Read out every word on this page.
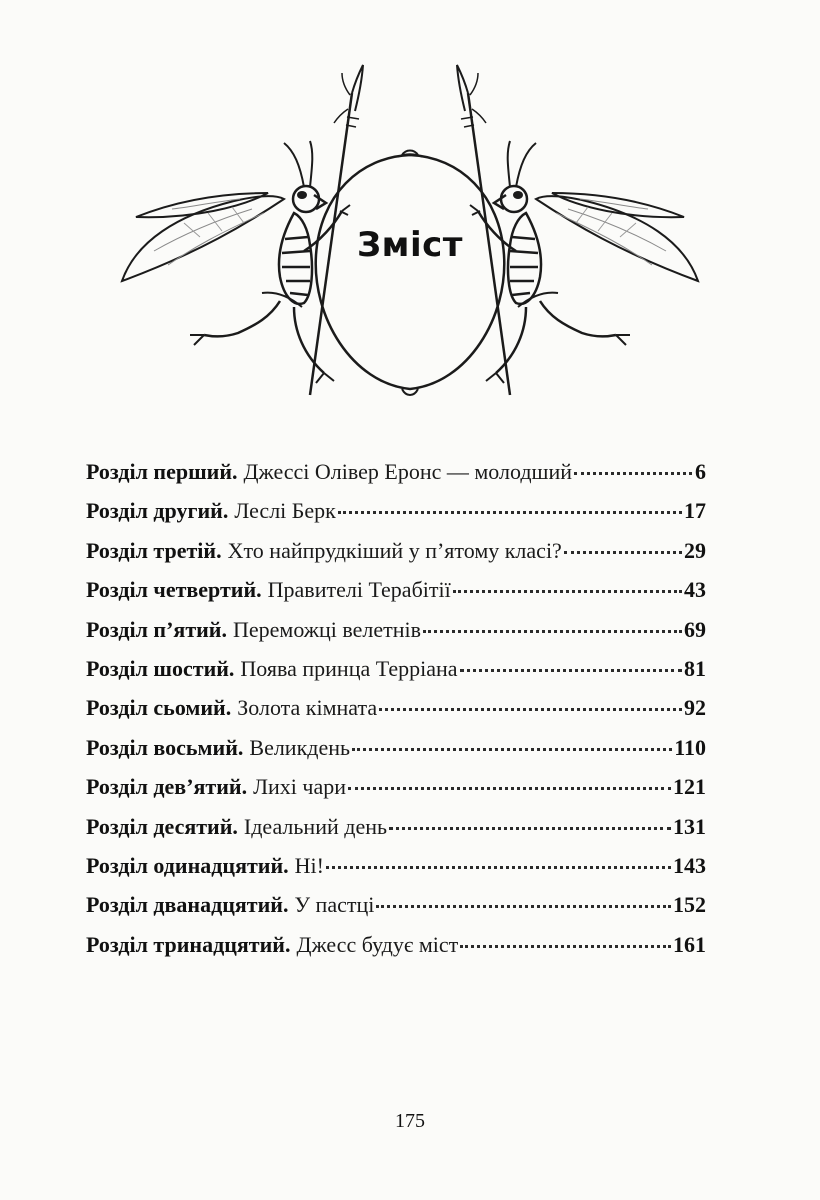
Зміст
Розділ перший. Джессі Олівер Еронс — молодший	6
Розділ другий. Леслі Берк	17
Розділ третій. Хто найпрудкіший у п’ятому класі?	29
Розділ четвертий. Правителі Терабітії	43
Розділ п’ятий. Переможці велетнів	69
Розділ шостий. Поява принца Терріана	81
Розділ сьомий. Золота кімната	92
Розділ восьмий. Великдень	110
Розділ дев’ятий. Лихі чари	121
Розділ десятий. Ідеальний день	131
Розділ одинадцятий. Ні!	143
Розділ дванадцятий. У пастці	152
Розділ тринадцятий. Джесс будує міст	161
175
